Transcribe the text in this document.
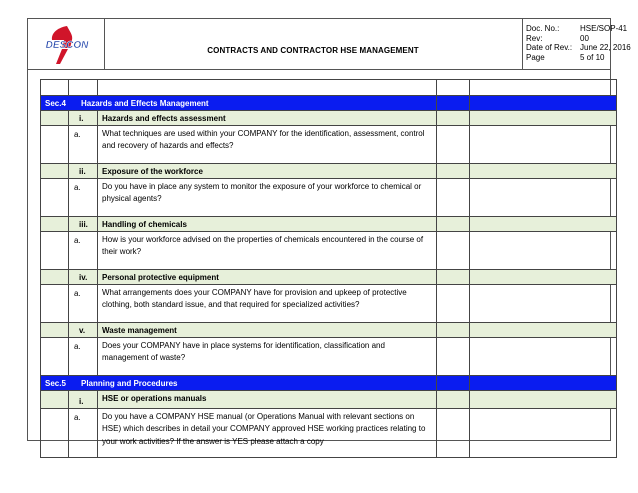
DESCON	CONTRACTS AND CONTRACTOR HSE MANAGEMENT
Doc. No.:	HSE/SOP-41
Rev:	00
Date of Rev.: June 22, 2016
Page	5 of 10

Sec.4 Hazards and Effects Management				
	i.	Hazards and effects assessment		
	a.	What techniques are used within your COMPANY for the identification, assessment, control and recovery of hazards and effects?		
	ii.	Exposure of the workforce		
	a.	Do you have in place any system to monitor the exposure of your workforce to chemical or physical agents?		
	iii.	Handling of chemicals		
	a.	How is your workforce advised on the properties of chemicals encountered in the course of their work?		
	iv.	Personal protective equipment		
	a.	What arrangements does your COMPANY have for provision and upkeep of protective clothing, both standard issue, and that required for specialized activities?		
	v.	Waste management		
	a.	Does your COMPANY have in place systems for identification, classification and management of waste?		
Sec.5 Planning and Procedures				
	i.	HSE or operations manuals		
	a.	Do you have a COMPANY HSE manual (or Operations Manual with relevant sections on HSE) which describes in detail your COMPANY approved HSE working practices relating to your work activities? If the answer is YES please attach a copy		
